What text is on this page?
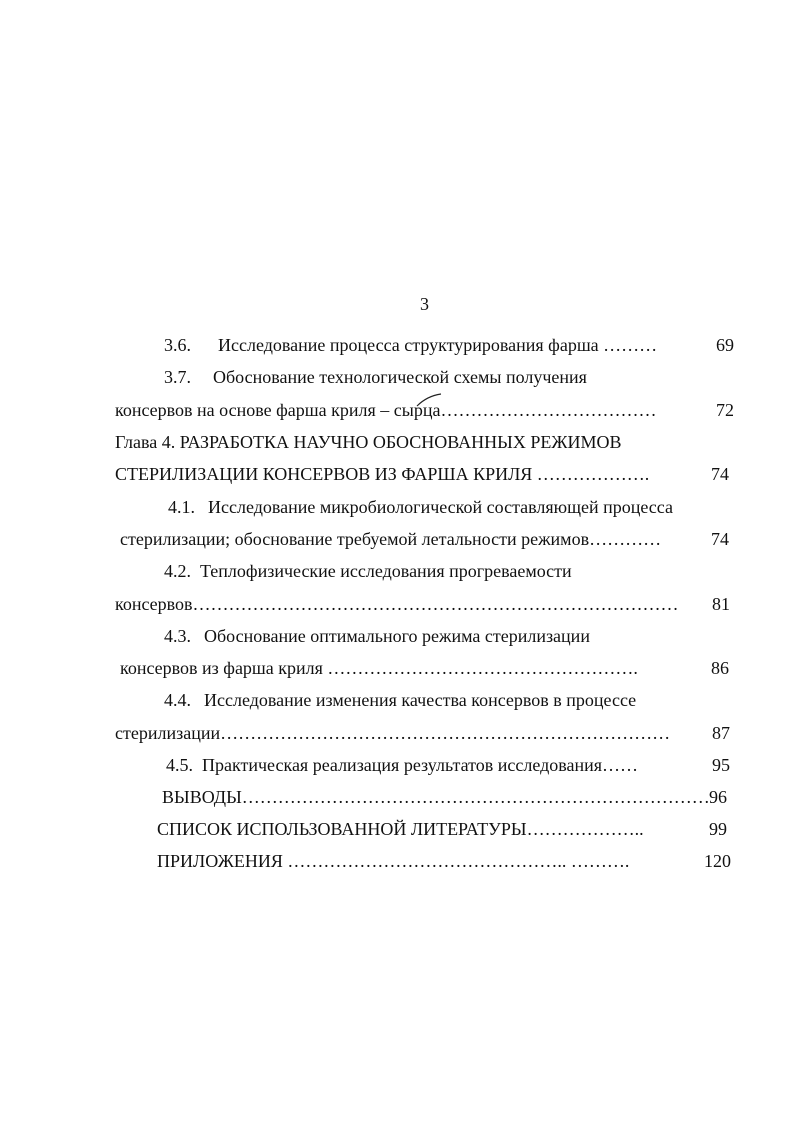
3
3.6. Исследование процесса структурирования фарша ………	69
3.7. Обоснование технологической схемы получения
консервов на основе фарша криля – сырца………………………………	72
Глава 4. РАЗРАБОТКА НАУЧНО ОБОСНОВАННЫХ РЕЖИМОВ
СТЕРИЛИЗАЦИИ КОНСЕРВОВ ИЗ ФАРША КРИЛЯ ……………….	74
4.1. Исследование микробиологической составляющей процесса
стерилизации; обоснование требуемой летальности режимов…………	74
4.2. Теплофизические исследования прогреваемости
консервов……………………………………………………………………… 81
4.3. Обоснование оптимального режима стерилизации
консервов из фарша криля …………………………………………….	86
4.4. Исследование изменения качества консервов в процессе
стерилизации………………………………………………………………… 87
4.5. Практическая реализация результатов исследования……	95
ВЫВОДЫ…………………………………………………………………… 96
СПИСОК ИСПОЛЬЗОВАННОЙ ЛИТЕРАТУРЫ………………..	99
ПРИЛОЖЕНИЯ ……………………………………….. ……….	120
